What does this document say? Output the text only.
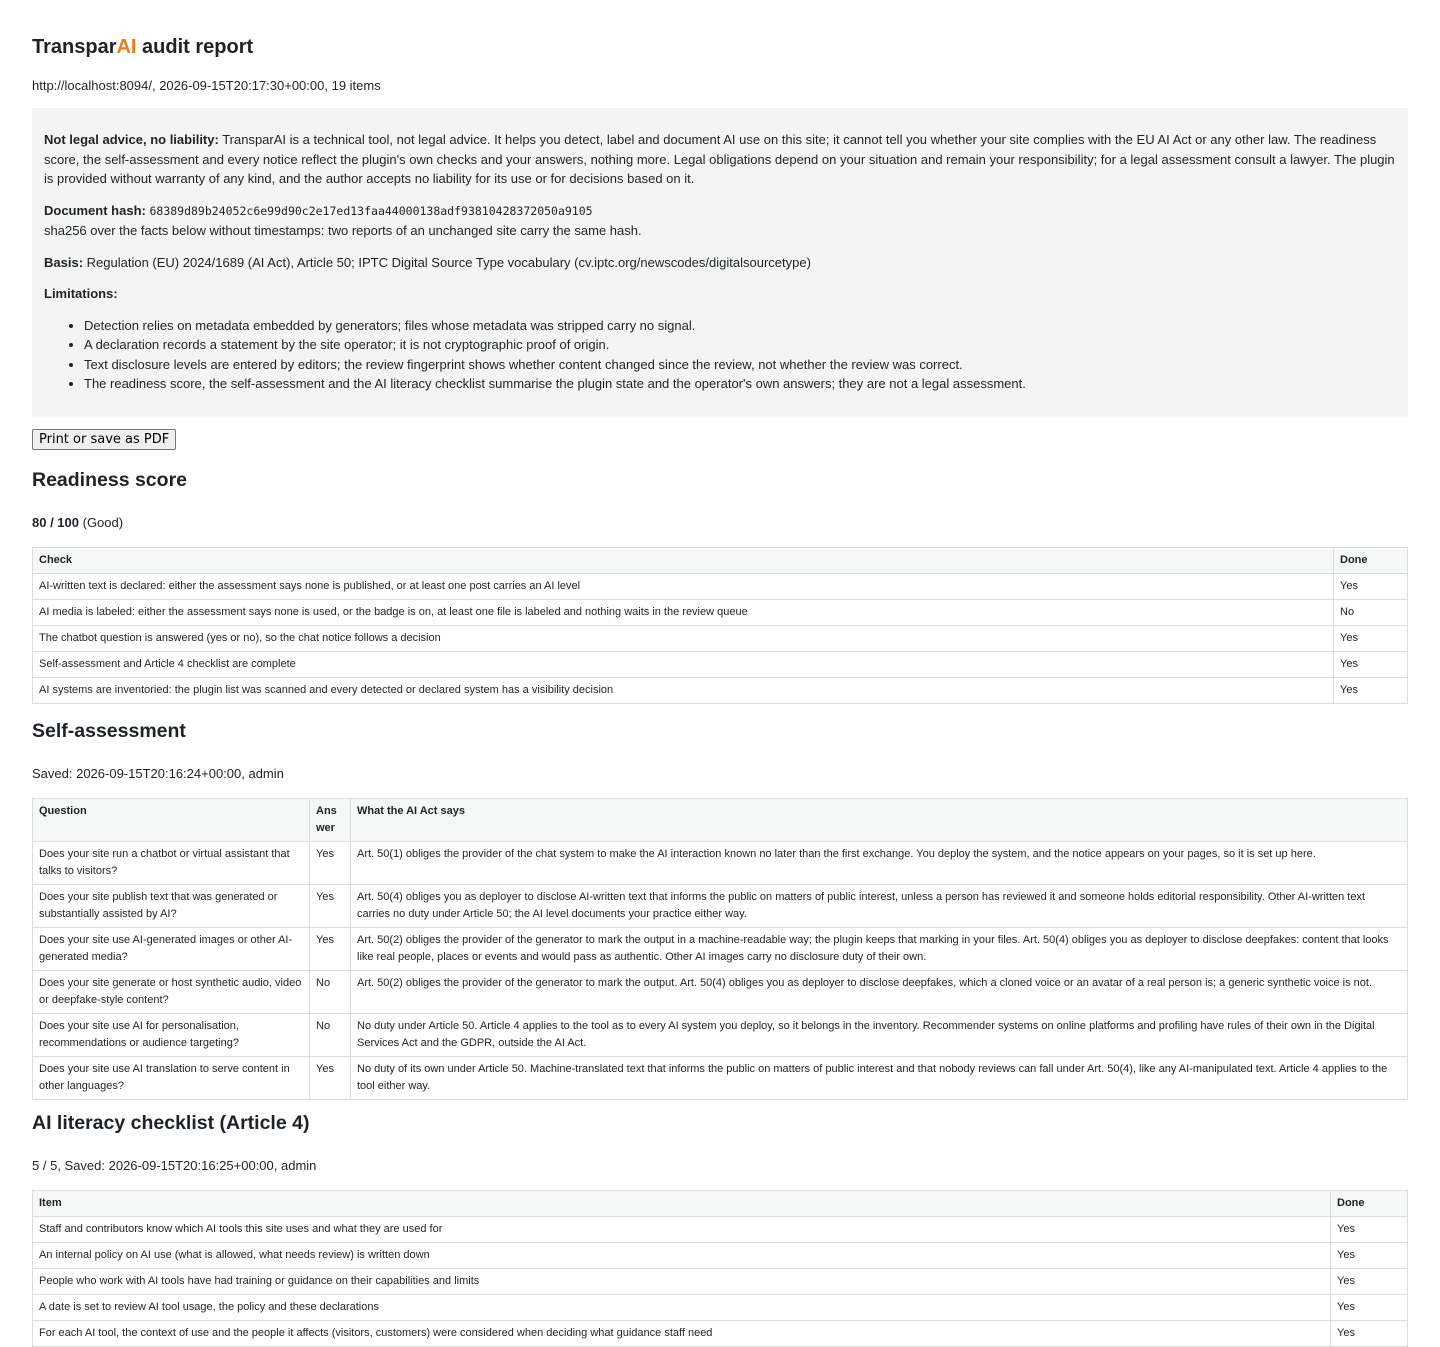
TransparAI audit report
http://localhost:8094/, 2026-09-15T20:17:30+00:00, 19 items

Not legal advice, no liability: TransparAI is a technical tool, not legal advice. It helps you detect, label and document AI use on this site; it cannot tell you whether your site complies with the EU AI Act or any other law. The readiness score, the self-assessment and every notice reflect the plugin's own checks and your answers, nothing more. Legal obligations depend on your situation and remain your responsibility; for a legal assessment consult a lawyer. The plugin is provided without warranty of any kind, and the author accepts no liability for its use or for decisions based on it.

Document hash: 68389d89b24052c6e99d90c2e17ed13faa44000138adf93810428372050a9105
sha256 over the facts below without timestamps: two reports of an unchanged site carry the same hash.

Basis: Regulation (EU) 2024/1689 (AI Act), Article 50; IPTC Digital Source Type vocabulary (cv.iptc.org/newscodes/digitalsourcetype)

Limitations:

• Detection relies on metadata embedded by generators; files whose metadata was stripped carry no signal.
• A declaration records a statement by the site operator; it is not cryptographic proof of origin.
• Text disclosure levels are entered by editors; the review fingerprint shows whether content changed since the review, not whether the review was correct.
• The readiness score, the self-assessment and the AI literacy checklist summarise the plugin state and the operator's own answers; they are not a legal assessment.
Print or save as PDF
Readiness score
80 / 100 (Good)
Check	Done
AI-written text is declared: either the assessment says none is published, or at least one post carries an AI level	Yes
AI media is labeled: either the assessment says none is used, or the badge is on, at least one file is labeled and nothing waits in the review queue	No
The chatbot question is answered (yes or no), so the chat notice follows a decision	Yes
Self-assessment and Article 4 checklist are complete	Yes
AI systems are inventoried: the plugin list was scanned and every detected or declared system has a visibility decision	Yes
Self-assessment
Saved: 2026-09-15T20:16:24+00:00, admin
Question	Ans wer	What the AI Act says
Does your site run a chatbot or virtual assistant that talks to visitors?	Yes	Art. 50(1) obliges the provider of the chat system to make the AI interaction known no later than the first exchange. You deploy the system, and the notice appears on your pages, so it is set up here.
Does your site publish text that was generated or substantially assisted by AI?	Yes	Art. 50(4) obliges you as deployer to disclose AI-written text that informs the public on matters of public interest, unless a person has reviewed it and someone holds editorial responsibility. Other AI-written text carries no duty under Article 50; the AI level documents your practice either way.
Does your site use AI-generated images or other AI-generated media?	Yes	Art. 50(2) obliges the provider of the generator to mark the output in a machine-readable way; the plugin keeps that marking in your files. Art. 50(4) obliges you as deployer to disclose deepfakes: content that looks like real people, places or events and would pass as authentic. Other AI images carry no disclosure duty of their own.
Does your site generate or host synthetic audio, video or deepfake-style content?	No	Art. 50(2) obliges the provider of the generator to mark the output. Art. 50(4) obliges you as deployer to disclose deepfakes, which a cloned voice or an avatar of a real person is; a generic synthetic voice is not.
Does your site use AI for personalisation, recommendations or audience targeting?	No	No duty under Article 50. Article 4 applies to the tool as to every AI system you deploy, so it belongs in the inventory. Recommender systems on online platforms and profiling have rules of their own in the Digital Services Act and the GDPR, outside the AI Act.
Does your site use AI translation to serve content in other languages?	Yes	No duty of its own under Article 50. Machine-translated text that informs the public on matters of public interest and that nobody reviews can fall under Art. 50(4), like any AI-manipulated text. Article 4 applies to the tool either way.
AI literacy checklist (Article 4)
5 / 5, Saved: 2026-09-15T20:16:25+00:00, admin
Item	Done
Staff and contributors know which AI tools this site uses and what they are used for	Yes
An internal policy on AI use (what is allowed, what needs review) is written down	Yes
People who work with AI tools have had training or guidance on their capabilities and limits	Yes
A date is set to review AI tool usage, the policy and these declarations	Yes
For each AI tool, the context of use and the people it affects (visitors, customers) were considered when deciding what guidance staff need	Yes
